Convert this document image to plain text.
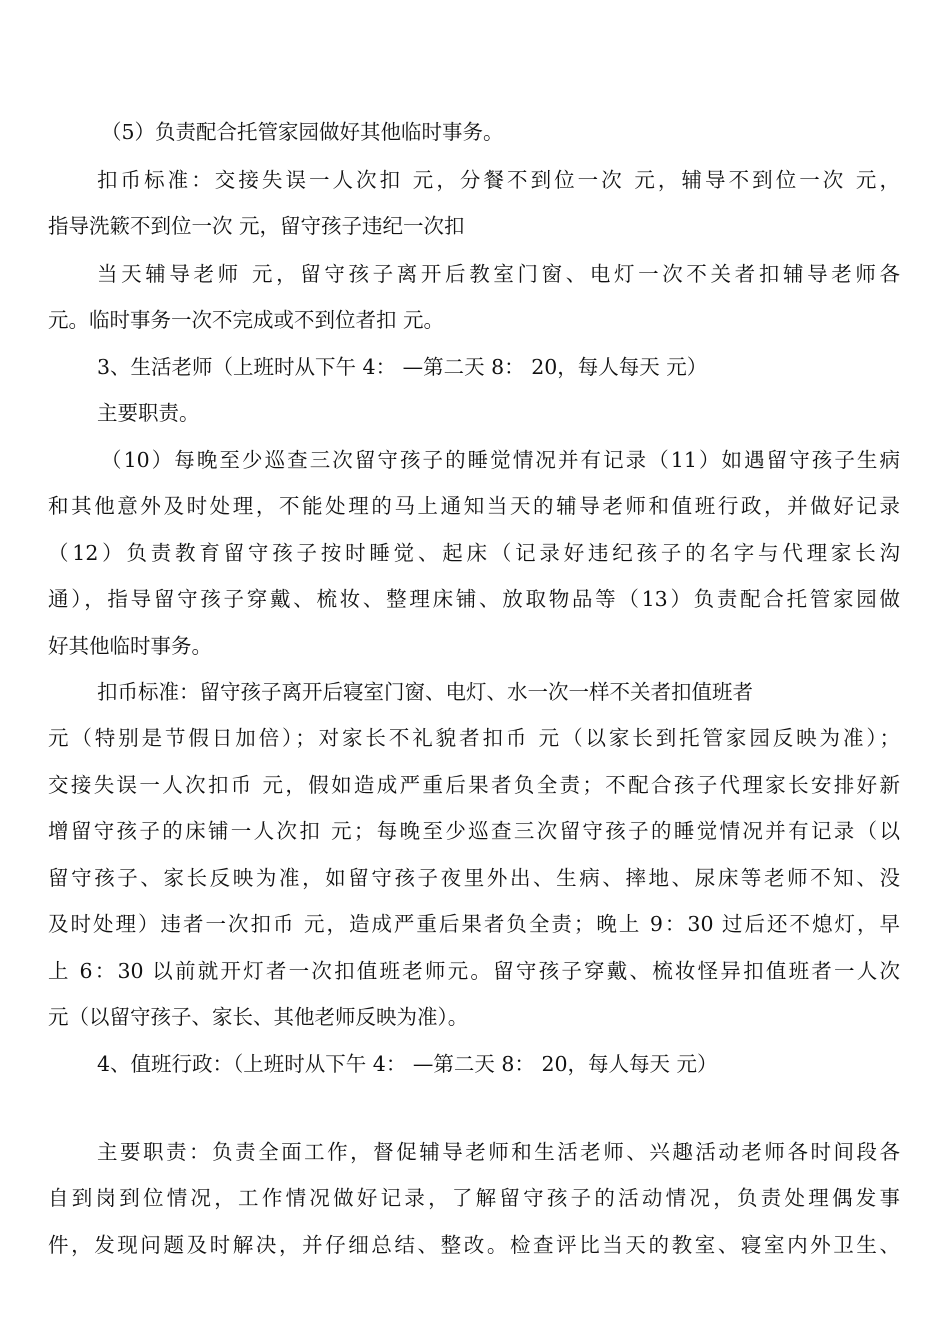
（5）负责配合托管家园做好其他临时事务。
扣币标准：交接失误一人次扣 元，分餐不到位一次 元，辅导不到位一次 元，
指导洗簌不到位一次 元，留守孩子违纪一次扣
当天辅导老师 元，留守孩子离开后教室门窗、电灯一次不关者扣辅导老师各
元。临时事务一次不完成或不到位者扣 元。
3、生活老师（上班时从下午 4： —第二天 8： 20，每人每天 元）
主要职责。
（10）每晚至少巡查三次留守孩子的睡觉情况并有记录（11）如遇留守孩子生病
和其他意外及时处理，不能处理的马上通知当天的辅导老师和值班行政，并做好记录
（12）负责教育留守孩子按时睡觉、起床（记录好违纪孩子的名字与代理家长沟
通），指导留守孩子穿戴、梳妆、整理床铺、放取物品等（13）负责配合托管家园做
好其他临时事务。
扣币标准：留守孩子离开后寝室门窗、电灯、水一次一样不关者扣值班者
元（特别是节假日加倍）；对家长不礼貌者扣币 元（以家长到托管家园反映为准）；
交接失误一人次扣币 元，假如造成严重后果者负全责；不配合孩子代理家长安排好新
增留守孩子的床铺一人次扣 元；每晚至少巡查三次留守孩子的睡觉情况并有记录（以
留守孩子、家长反映为准，如留守孩子夜里外出、生病、摔地、尿床等老师不知、没
及时处理）违者一次扣币 元，造成严重后果者负全责；晚上 9：30 过后还不熄灯，早
上 6：30 以前就开灯者一次扣值班老师元。留守孩子穿戴、梳妆怪异扣值班者一人次
元（以留守孩子、家长、其他老师反映为准）。
4、值班行政：（上班时从下午 4： —第二天 8： 20，每人每天 元）
主要职责：负责全面工作，督促辅导老师和生活老师、兴趣活动老师各时间段各
自到岗到位情况，工作情况做好记录，了解留守孩子的活动情况，负责处理偶发事
件，发现问题及时解决，并仔细总结、整改。检查评比当天的教室、寝室内外卫生、
